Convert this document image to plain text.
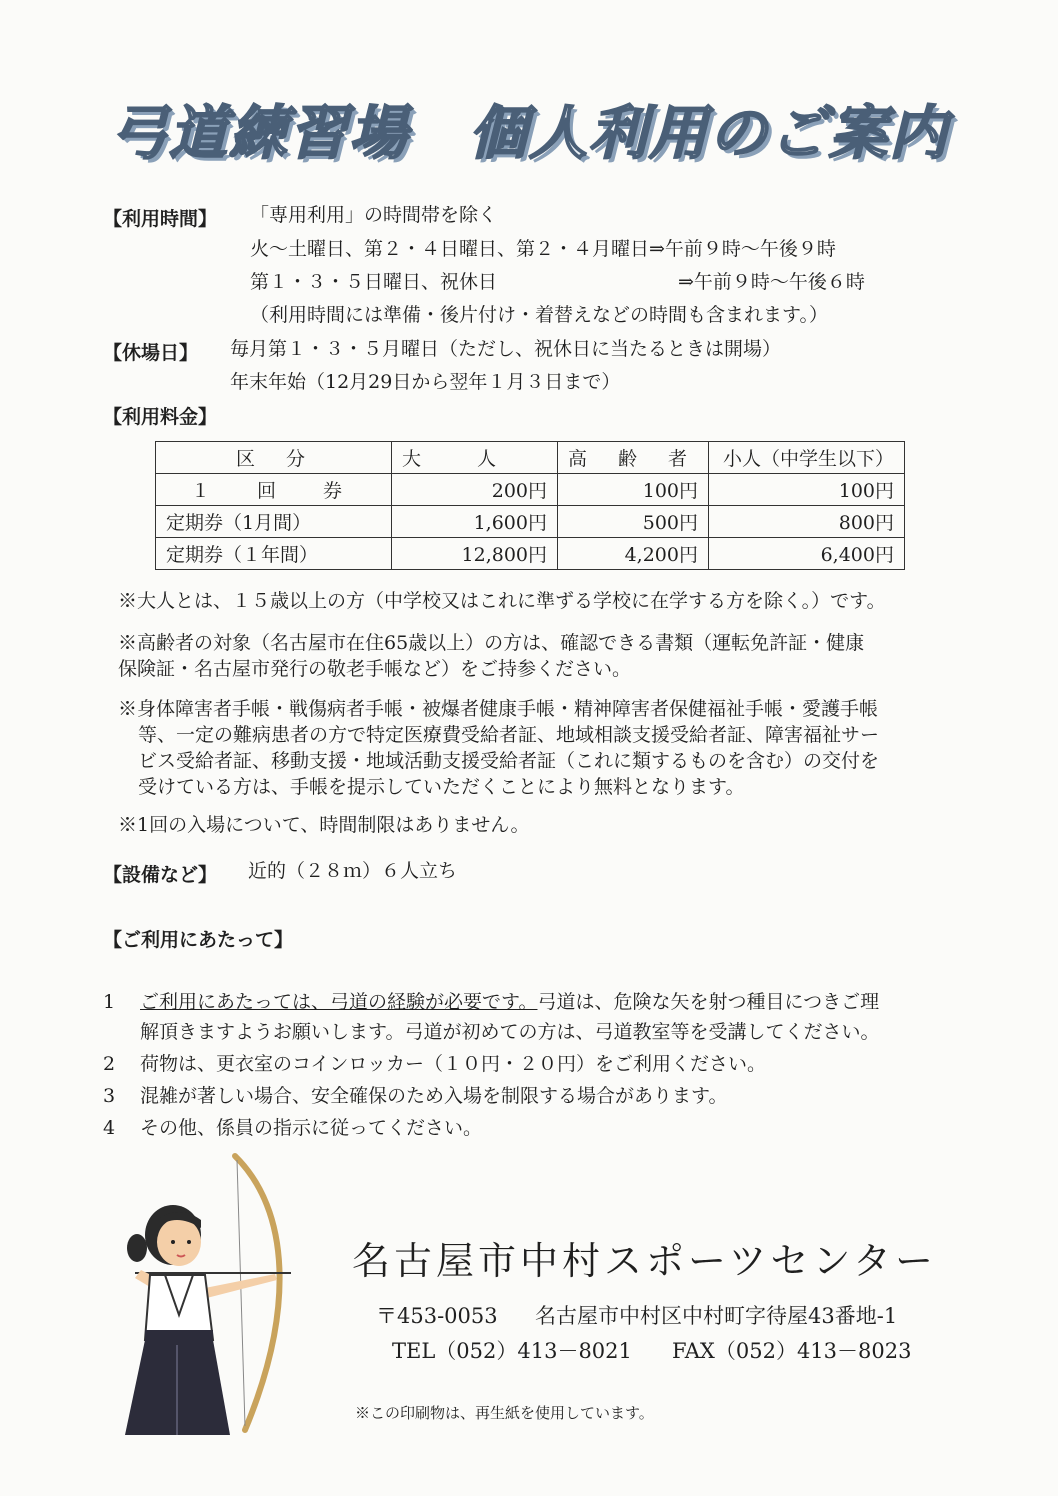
弓道練習場　個人利用のご案内
【利用時間】 「専用利用」の時間帯を除く
火～土曜日、第２・４日曜日、第２・４月曜日⇒午前９時～午後９時
第１・３・５日曜日、祝休日	⇒午前９時～午後６時
（利用時間には準備・後片付け・着替えなどの時間も含まれます。）
【休場日】 毎月第１・３・５月曜日（ただし、祝休日に当たるときは開場）
年末年始（12月29日から翌年１月３日まで）
【利用料金】
区　分	大　　人	高　齢　者	小人（中学生以下）
１　回　券	200円	100円	100円
定期券（1月間）	1,600円	500円	800円
定期券（１年間）	12,800円	4,200円	6,400円
※大人とは、１５歳以上の方（中学校又はこれに準ずる学校に在学する方を除く。）です。
※高齢者の対象（名古屋市在住65歳以上）の方は、確認できる書類（運転免許証・健康
保険証・名古屋市発行の敬老手帳など）をご持参ください。
※身体障害者手帳・戦傷病者手帳・被爆者健康手帳・精神障害者保健福祉手帳・愛護手帳
等、一定の難病患者の方で特定医療費受給者証、地域相談支援受給者証、障害福祉サー
ビス受給者証、移動支援・地域活動支援受給者証（これに類するものを含む）の交付を
受けている方は、手帳を提示していただくことにより無料となります。
※1回の入場について、時間制限はありません。
【設備など】 近的（２８ｍ）６人立ち
【ご利用にあたって】
1 ご利用にあたっては、弓道の経験が必要です。弓道は、危険な矢を射つ種目につきご理
解頂きますようお願いします。弓道が初めての方は、弓道教室等を受講してください。
2 荷物は、更衣室のコインロッカー（１０円・２０円）をご利用ください。
3 混雑が著しい場合、安全確保のため入場を制限する場合があります。
4 その他、係員の指示に従ってください。
名古屋市中村スポーツセンター
〒453-0053 名古屋市中村区中村町字待屋43番地-1
TEL（052）413－8021 FAX（052）413－8023
※この印刷物は、再生紙を使用しています。
